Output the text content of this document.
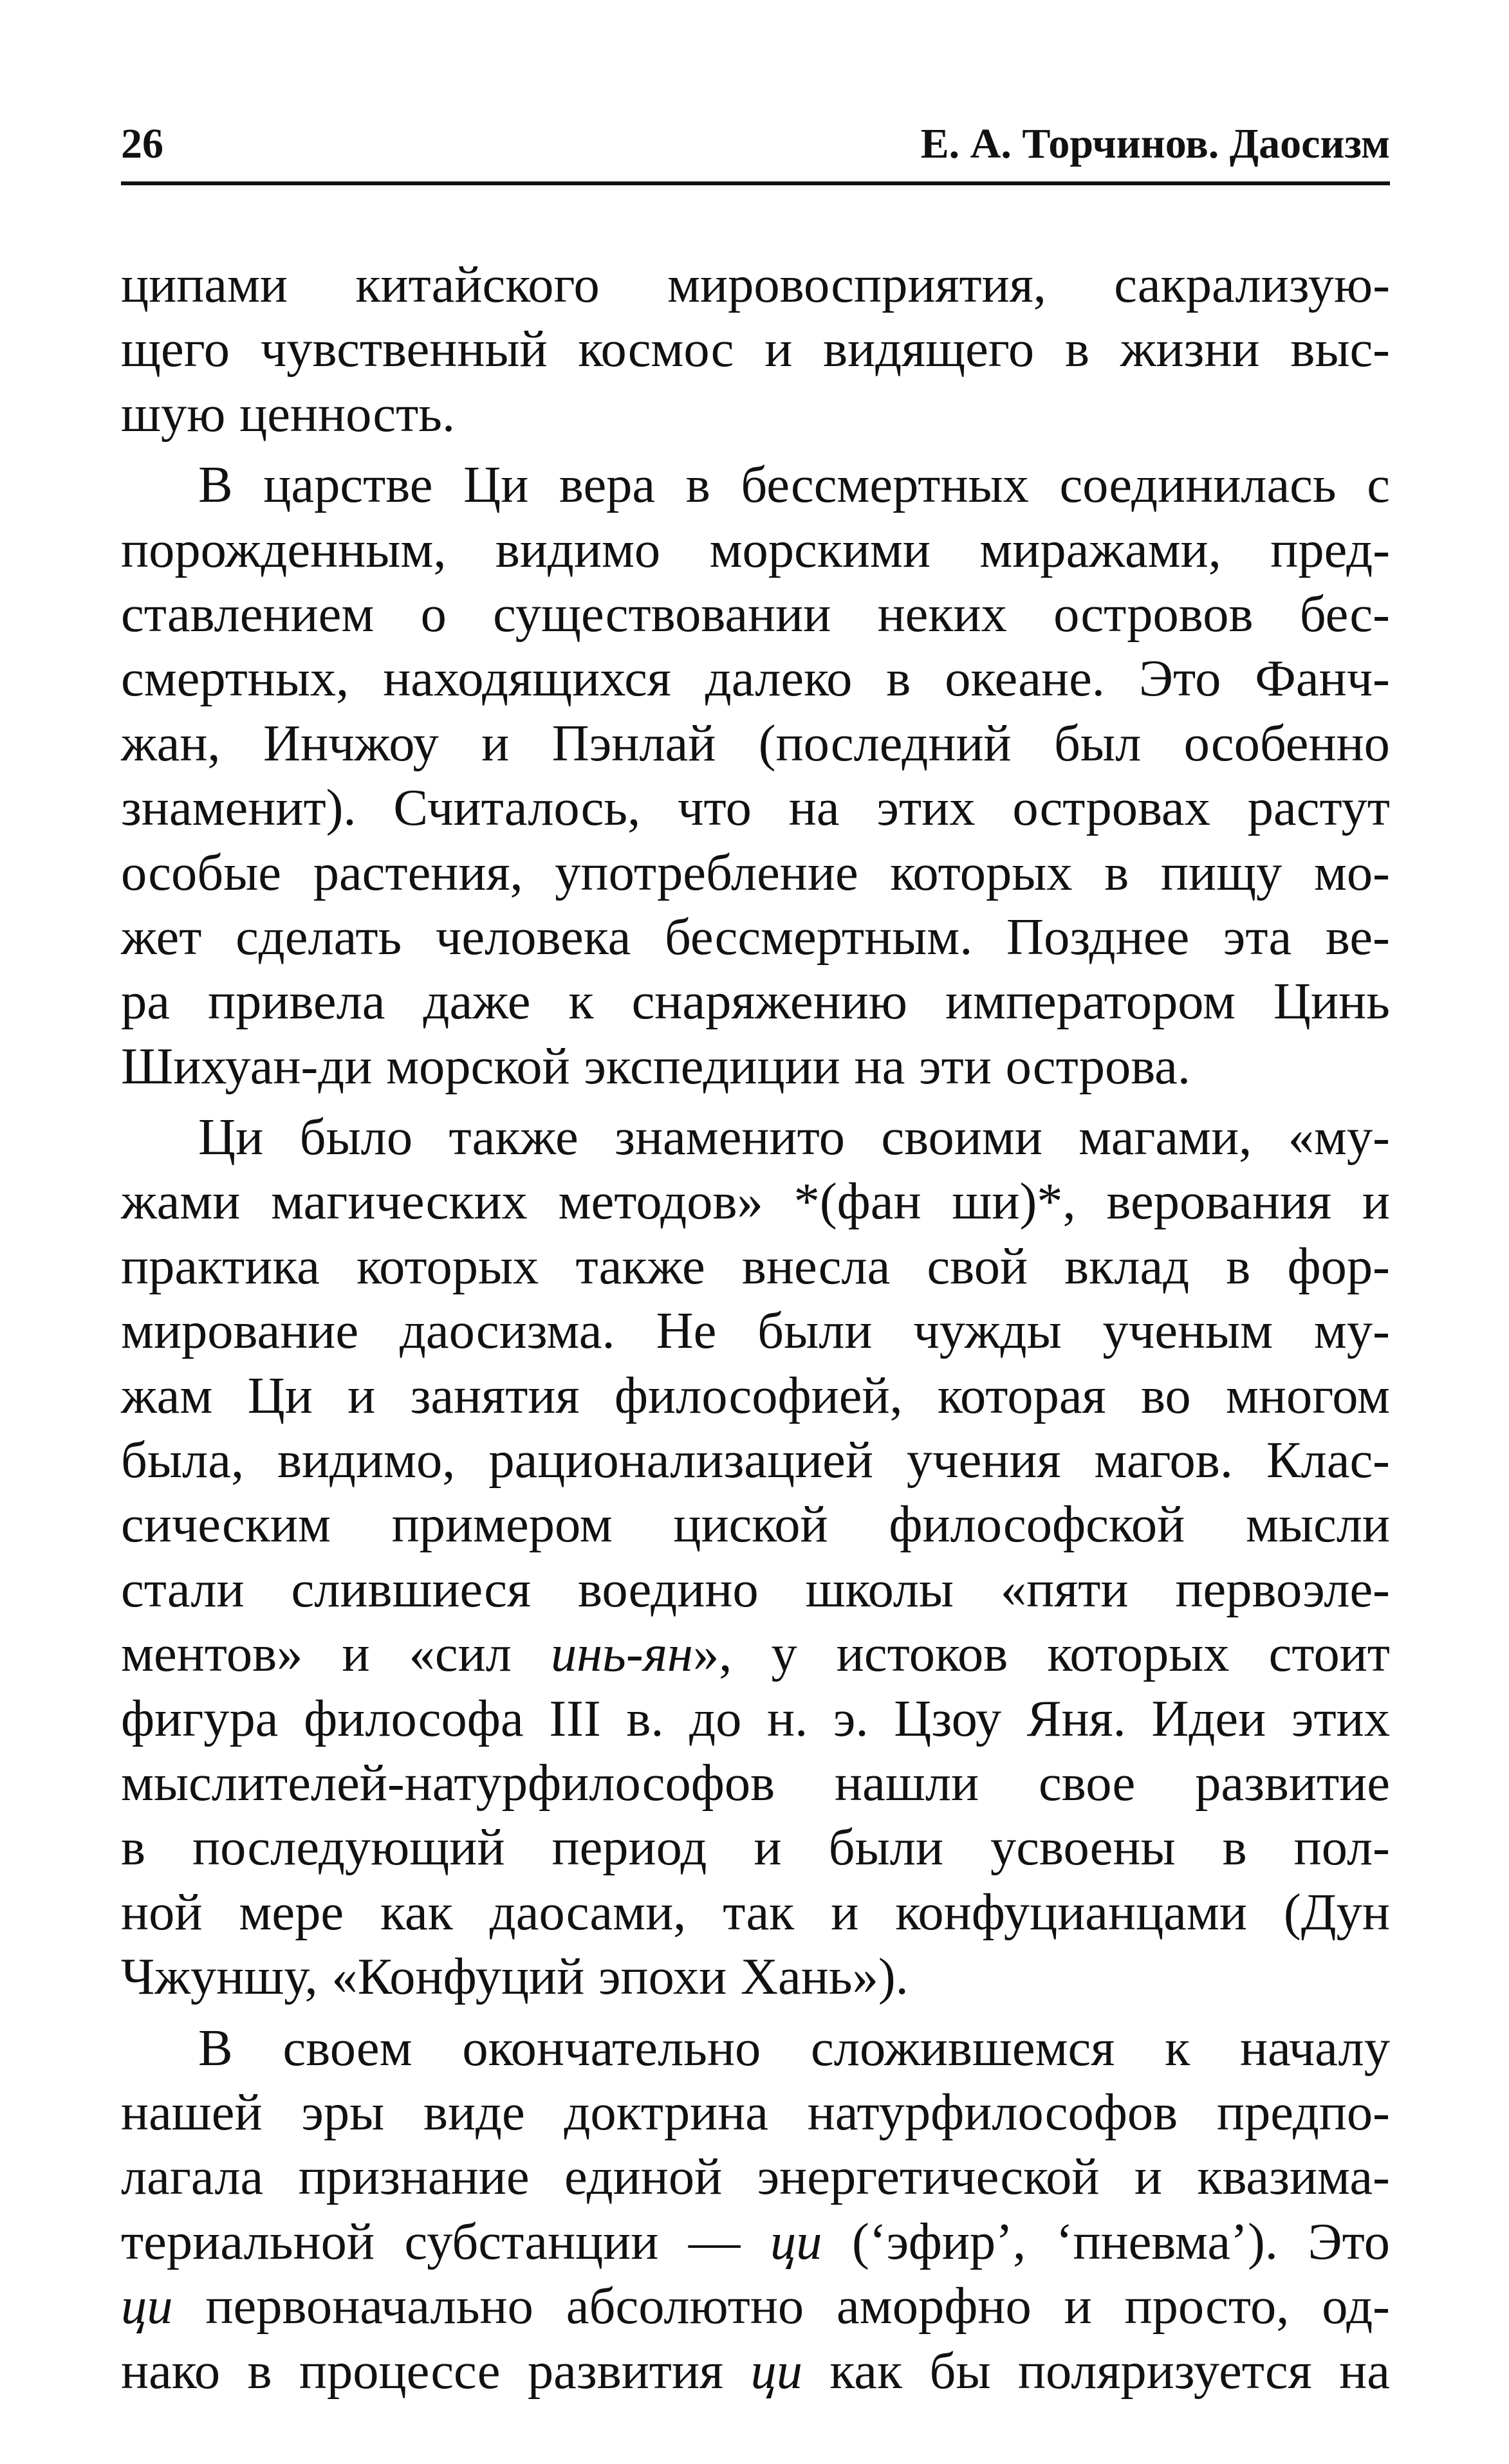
26	Е. А. Торчинов. Даосизм
ципами китайского мировосприятия, сакрализую-
щего чувственный космос и видящего в жизни выс-
шую ценность.
В царстве Ци вера в бессмертных соединилась с
порожденным, видимо морскими миражами, пред-
ставлением о существовании неких островов бес-
смертных, находящихся далеко в океане. Это Фанч-
жан, Инчжоу и Пэнлай (последний был особенно
знаменит). Считалось, что на этих островах растут
особые растения, употребление которых в пищу мо-
жет сделать человека бессмертным. Позднее эта ве-
ра привела даже к снаряжению императором Цинь
Шихуан-ди морской экспедиции на эти острова.
Ци было также знаменито своими магами, «му-
жами магических методов» *(фан ши)*, верования и
практика которых также внесла свой вклад в фор-
мирование даосизма. Не были чужды ученым му-
жам Ци и занятия философией, которая во многом
была, видимо, рационализацией учения магов. Клас-
сическим примером циской философской мысли
стали слившиеся воедино школы «пяти первоэле-
ментов» и «сил инь-ян», у истоков которых стоит
фигура философа III в. до н. э. Цзоу Яня. Идеи этих
мыслителей-натурфилософов нашли свое развитие
в последующий период и были усвоены в пол-
ной мере как даосами, так и конфуцианцами (Дун
Чжуншу, «Конфуций эпохи Хань»).
В своем окончательно сложившемся к началу
нашей эры виде доктрина натурфилософов предпо-
лагала признание единой энергетической и квазима-
териальной субстанции — ци (‘эфир’, ‘пневма’). Это
ци первоначально абсолютно аморфно и просто, од-
нако в процессе развития ци как бы поляризуется на
